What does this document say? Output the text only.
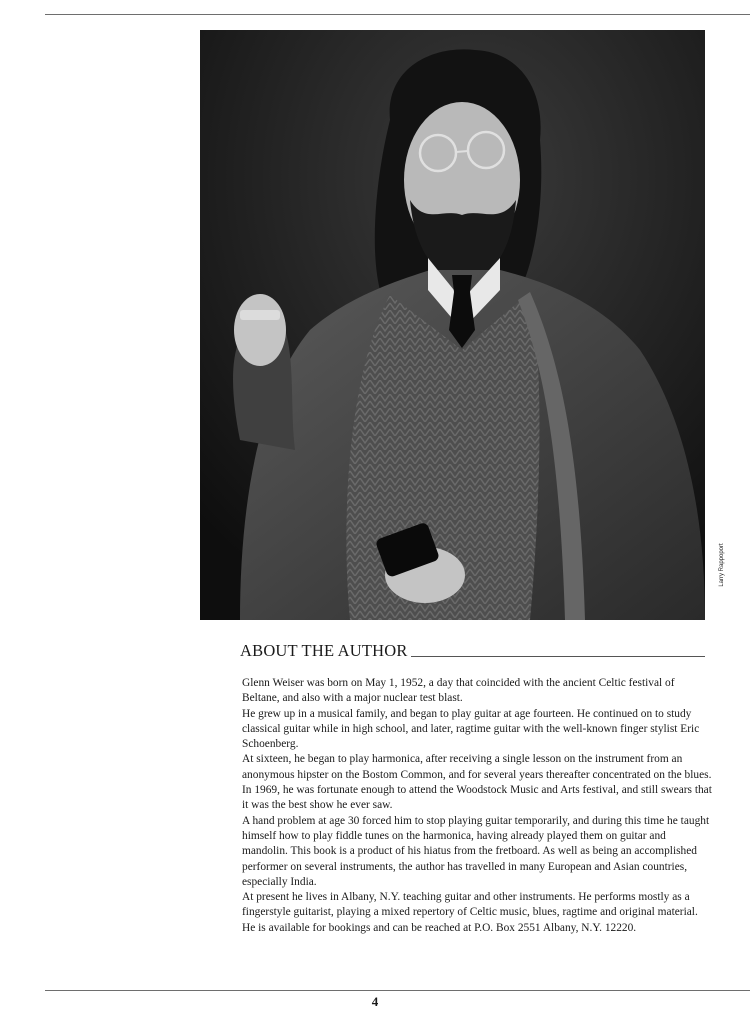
Larry Rappoport
ABOUT THE AUTHOR

Glenn Weiser was born on May 1, 1952, a day that coincided with the ancient Celtic festival of Beltane, and also with a major nuclear test blast.

He grew up in a musical family, and began to play guitar at age fourteen. He continued on to study classical guitar while in high school, and later, ragtime guitar with the well-known finger stylist Eric Schoenberg.

At sixteen, he began to play harmonica, after receiving a single lesson on the instrument from an anonymous hipster on the Bostom Common, and for several years thereafter concentrated on the blues.

In 1969, he was fortunate enough to attend the Woodstock Music and Arts festival, and still swears that it was the best show he ever saw.

A hand problem at age 30 forced him to stop playing guitar temporarily, and during this time he taught himself how to play fiddle tunes on the harmonica, having already played them on guitar and mandolin. This book is a product of his hiatus from the fretboard. As well as being an accomplished performer on several instruments, the author has travelled in many European and Asian countries, especially India.

At present he lives in Albany, N.Y. teaching guitar and other instruments. He performs mostly as a fingerstyle guitarist, playing a mixed repertory of Celtic music, blues, ragtime and original material. He is available for bookings and can be reached at P.O. Box 2551 Albany, N.Y. 12220.

4
